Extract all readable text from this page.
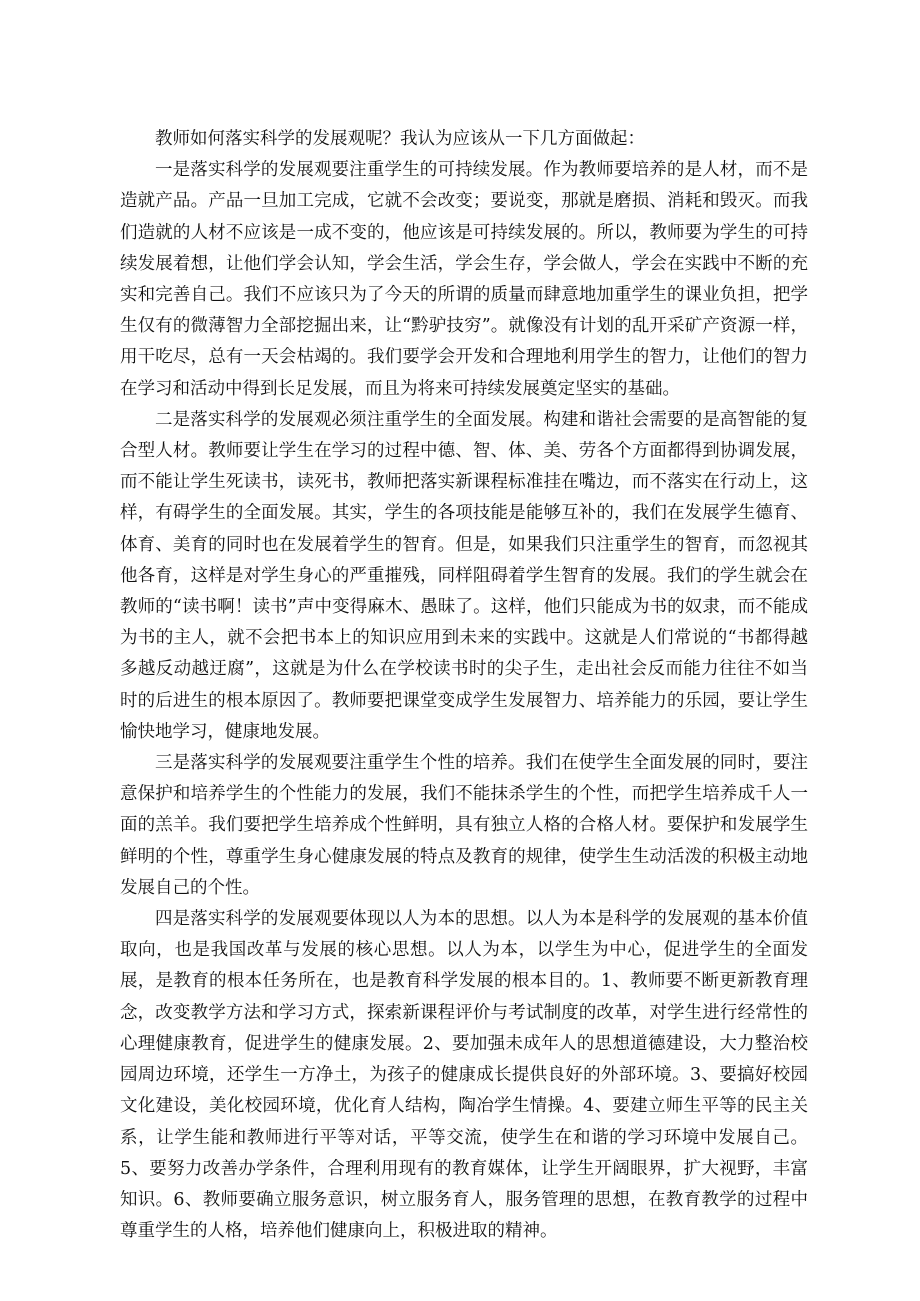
教师如何落实科学的发展观呢？我认为应该从一下几方面做起：

一是落实科学的发展观要注重学生的可持续发展。作为教师要培养的是人材，而不是造就产品。产品一旦加工完成，它就不会改变；要说变，那就是磨损、消耗和毁灭。而我们造就的人材不应该是一成不变的，他应该是可持续发展的。所以，教师要为学生的可持续发展着想，让他们学会认知，学会生活，学会生存，学会做人，学会在实践中不断的充实和完善自己。我们不应该只为了今天的所谓的质量而肆意地加重学生的课业负担，把学生仅有的微薄智力全部挖掘出来，让“黔驴技穷”。就像没有计划的乱开采矿产资源一样，用干吃尽，总有一天会枯竭的。我们要学会开发和合理地利用学生的智力，让他们的智力在学习和活动中得到长足发展，而且为将来可持续发展奠定坚实的基础。

二是落实科学的发展观必须注重学生的全面发展。构建和谐社会需要的是高智能的复合型人材。教师要让学生在学习的过程中德、智、体、美、劳各个方面都得到协调发展，而不能让学生死读书，读死书，教师把落实新课程标准挂在嘴边，而不落实在行动上，这样，有碍学生的全面发展。其实，学生的各项技能是能够互补的，我们在发展学生德育、体育、美育的同时也在发展着学生的智育。但是，如果我们只注重学生的智育，而忽视其他各育，这样是对学生身心的严重摧残，同样阻碍着学生智育的发展。我们的学生就会在教师的“读书啊！读书”声中变得麻木、愚昧了。这样，他们只能成为书的奴隶，而不能成为书的主人，就不会把书本上的知识应用到未来的实践中。这就是人们常说的“书都得越多越反动越迂腐”，这就是为什么在学校读书时的尖子生，走出社会反而能力往往不如当时的后进生的根本原因了。教师要把课堂变成学生发展智力、培养能力的乐园，要让学生愉快地学习，健康地发展。

三是落实科学的发展观要注重学生个性的培养。我们在使学生全面发展的同时，要注意保护和培养学生的个性能力的发展，我们不能抹杀学生的个性，而把学生培养成千人一面的羔羊。我们要把学生培养成个性鲜明，具有独立人格的合格人材。要保护和发展学生鲜明的个性，尊重学生身心健康发展的特点及教育的规律，使学生生动活泼的积极主动地发展自己的个性。

四是落实科学的发展观要体现以人为本的思想。以人为本是科学的发展观的基本价值取向，也是我国改革与发展的核心思想。以人为本，以学生为中心，促进学生的全面发展，是教育的根本任务所在，也是教育科学发展的根本目的。1、教师要不断更新教育理念，改变教学方法和学习方式，探索新课程评价与考试制度的改革，对学生进行经常性的心理健康教育，促进学生的健康发展。2、要加强未成年人的思想道德建设，大力整治校园周边环境，还学生一方净土，为孩子的健康成长提供良好的外部环境。3、要搞好校园文化建设，美化校园环境，优化育人结构，陶冶学生情操。4、要建立师生平等的民主关系，让学生能和教师进行平等对话，平等交流，使学生在和谐的学习环境中发展自己。5、要努力改善办学条件，合理利用现有的教育媒体，让学生开阔眼界，扩大视野，丰富知识。6、教师要确立服务意识，树立服务育人，服务管理的思想，在教育教学的过程中尊重学生的人格，培养他们健康向上，积极进取的精神。
